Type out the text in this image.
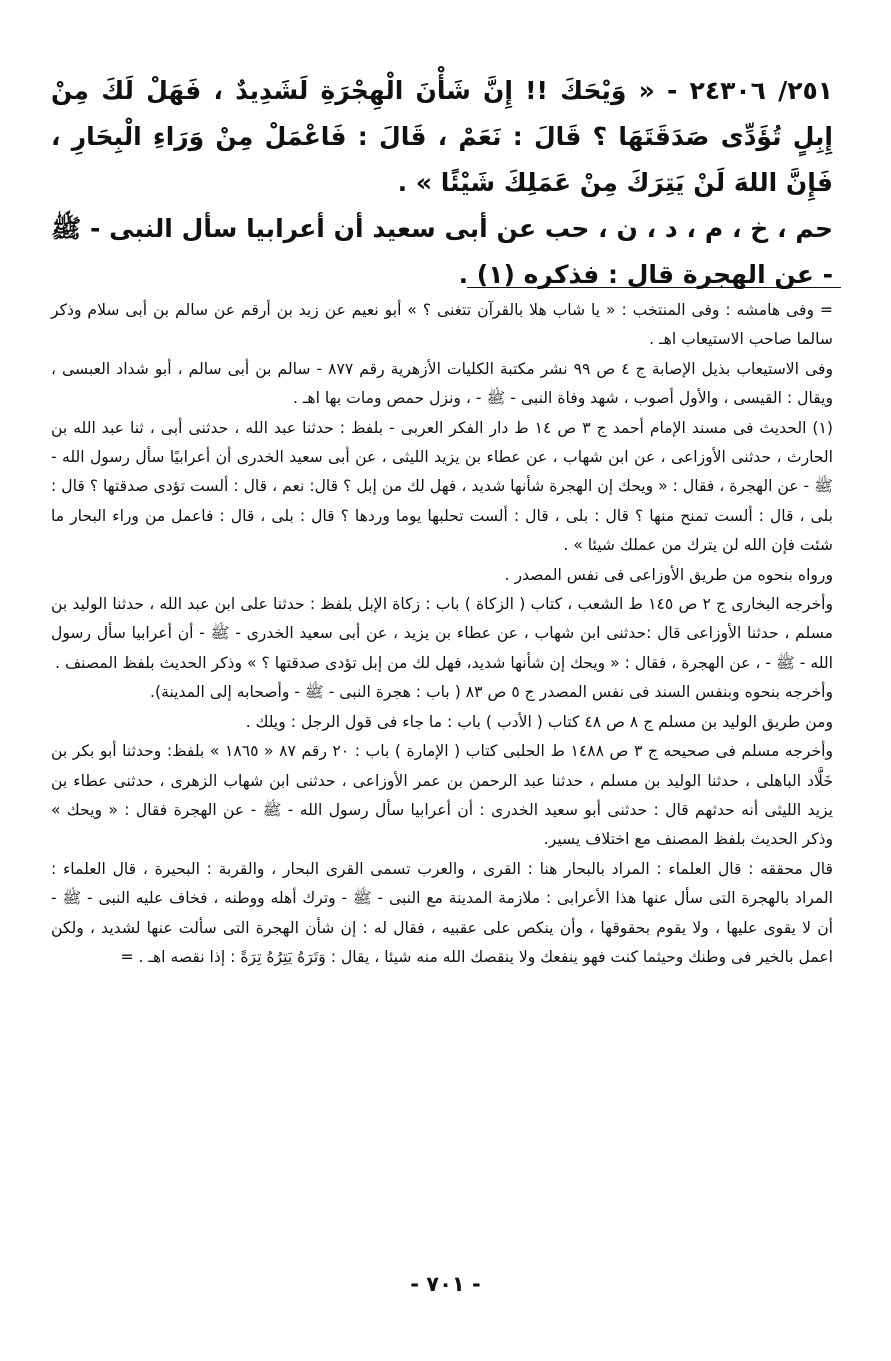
٢٥١/ ٢٤٣٠٦ - « وَيْحَكَ !! إِنَّ شَأْنَ الْهِجْرَةِ لَشَدِيدٌ ، فَهَلْ لَكَ مِنْ إِبِلٍ تُؤَدِّى صَدَقَتَهَا ؟ قَالَ : نَعَمْ ، قَالَ : فَاعْمَلْ مِنْ وَرَاءِ الْبِحَارِ ، فَإِنَّ اللهَ لَنْ يَتِرَكَ مِنْ عَمَلِكَ شَيْئًا » .

حم ، خ ، م ، د ، ن ، حب عن أبى سعيد أن أعرابيا سأل النبى - ﷺ - عن الهجرة قال : فذكره (١) .

= وفى هامشه : وفى المنتخب : « يا شاب هلا بالقرآن تتغنى ؟ » أبو نعيم عن زيد بن أرقم عن سالم بن أبى سلام وذكر سالما صاحب الاستيعاب اهـ .

وفى الاستيعاب بذيل الإصابة ج ٤ ص ٩٩ نشر مكتبة الكليات الأزهرية رقم ٨٧٧ - سالم بن أبى سالم ، أبو شداد العبسى ، ويقال : القيسى ، والأول أصوب ، شهد وفاة النبى - ﷺ - ، ونزل حمص ومات بها اهـ .

(١) الحديث فى مسند الإمام أحمد ج ٣ ص ١٤ ط دار الفكر العربى - بلفظ : حدثنا عبد الله ، حدثنى أبى ، ثنا عبد الله بن الحارث ، حدثنى الأوزاعى ، عن ابن شهاب ، عن عطاء بن يزيد الليثى ، عن أبى سعيد الخدرى أن أعرابيًا سأل رسول الله - ﷺ - عن الهجرة ، فقال : « ويحك إن الهجرة شأنها شديد ، فهل لك من إبل ؟ قال: نعم ، قال : ألست تؤدى صدقتها ؟ قال : بلى ، قال : ألست تمنح منها ؟ قال : بلى ، قال : ألست تحلبها يوما وردها ؟ قال : بلى ، قال : فاعمل من وراء البحار ما شئت فإن الله لن يترك من عملك شيئا » .

ورواه بنحوه من طريق الأوزاعى فى نفس المصدر .

وأخرجه البخارى ج ٢ ص ١٤٥ ط الشعب ، كتاب ( الزكاة ) باب : زكاة الإبل بلفظ : حدثنا على ابن عبد الله ، حدثنا الوليد بن مسلم ، حدثنا الأوزاعى قال :حدثنى ابن شهاب ، عن عطاء بن يزيد ، عن أبى سعيد الخدرى - ﷺ - أن أعرابيا سأل رسول الله - ﷺ - ، عن الهجرة ، فقال : « ويحك إن شأنها شديد، فهل لك من إبل تؤدى صدقتها ؟ » وذكر الحديث بلفظ المصنف .

وأخرجه بنحوه وبنفس السند فى نفس المصدر ج ٥ ص ٨٣ ( باب : هجرة النبى - ﷺ - وأصحابه إلى المدينة).

ومن طريق الوليد بن مسلم ج ٨ ص ٤٨ كتاب ( الأدب ) باب : ما جاء فى قول الرجل : ويلك .

وأخرجه مسلم فى صحيحه ج ٣ ص ١٤٨٨ ط الحلبى كتاب ( الإمارة ) باب : ٢٠ رقم ٨٧ « ١٨٦٥ » بلفظ: وحدثنا أبو بكر بن خَلَّاد الباهلى ، حدثنا الوليد بن مسلم ، حدثنا عبد الرحمن بن عمر الأوزاعى ، حدثنى ابن شهاب الزهرى ، حدثنى عطاء بن يزيد الليثى أنه حدثهم قال : حدثنى أبو سعيد الخدرى : أن أعرابيا سأل رسول الله - ﷺ - عن الهجرة فقال : « ويحك » وذكر الحديث بلفظ المصنف مع اختلاف يسير.

قال محققه : قال العلماء : المراد بالبحار هنا : القرى ، والعرب تسمى القرى البحار ، والقربة : البحيرة ، قال العلماء : المراد بالهجرة التى سأل عنها هذا الأعرابى : ملازمة المدينة مع النبى - ﷺ - وترك أهله ووطنه ، فخاف عليه النبى - ﷺ - أن لا يقوى عليها ، ولا يقوم بحقوقها ، وأن ينكص على عقبيه ، فقال له : إن شأن الهجرة التى سألت عنها لشديد ، ولكن اعمل بالخير فى وطنك وحيثما كنت فهو ينفعك ولا ينقصك الله منه شيئا ، يقال : وَتَرَهُ يَتِرُهُ تِرَةً : إذا نقصه اهـ . =

- ٧٠١ -
